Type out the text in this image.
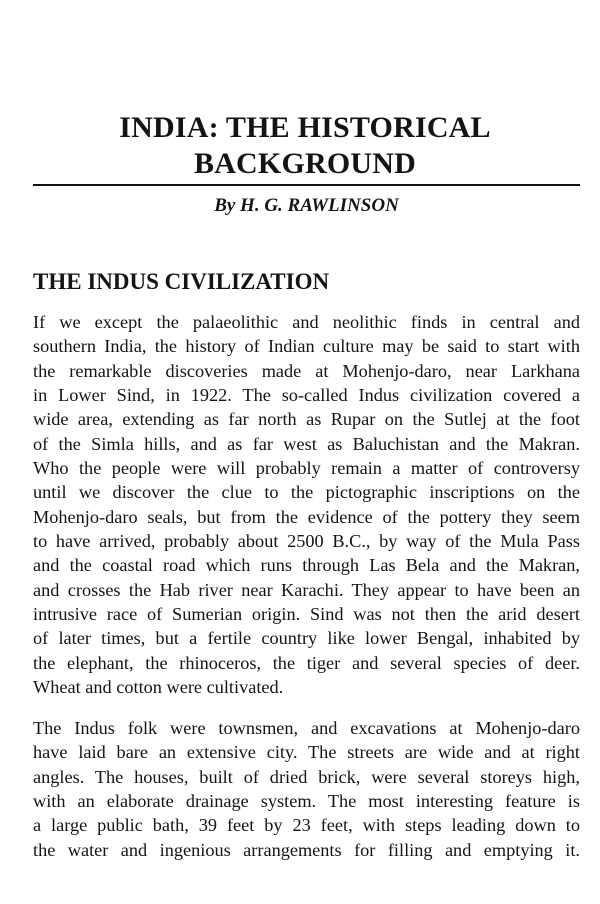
INDIA: THE HISTORICAL
BACKGROUND
By H. G. RAWLINSON
THE INDUS CIVILIZATION

If we except the palaeolithic and neolithic finds in central and
southern India, the history of Indian culture may be said to start with
the remarkable discoveries made at Mohenjo-daro, near Larkhana
in Lower Sind, in 1922. The so-called Indus civilization covered a
wide area, extending as far north as Rupar on the Sutlej at the foot
of the Simla hills, and as far west as Baluchistan and the Makran.
Who the people were will probably remain a matter of controversy
until we discover the clue to the pictographic inscriptions on the
Mohenjo-daro seals, but from the evidence of the pottery they seem
to have arrived, probably about 2500 B.C., by way of the Mula Pass
and the coastal road which runs through Las Bela and the Makran,
and crosses the Hab river near Karachi. They appear to have been an
intrusive race of Sumerian origin. Sind was not then the arid desert
of later times, but a fertile country like lower Bengal, inhabited by
the elephant, the rhinoceros, the tiger and several species of deer.
Wheat and cotton were cultivated.

The Indus folk were townsmen, and excavations at Mohenjo-daro
have laid bare an extensive city. The streets are wide and at right
angles. The houses, built of dried brick, were several storeys high,
with an elaborate drainage system. The most interesting feature is
a large public bath, 39 feet by 23 feet, with steps leading down to
the water and ingenious arrangements for filling and emptying it.
